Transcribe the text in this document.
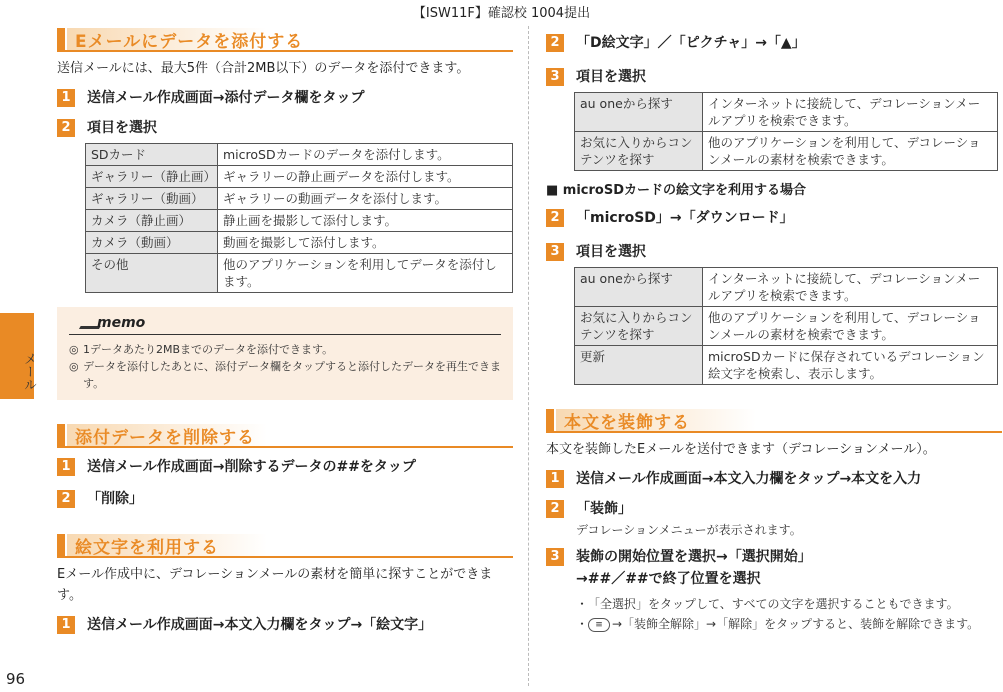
【ISW11F】確認校 1004提出
メール
96
Eメールにデータを添付する
送信メールには、最大5件（合計2MB以下）のデータを添付できます。
1	送信メール作成画面→添付データ欄をタップ
2	項目を選択
SDカード	microSDカードのデータを添付します。
ギャラリー（静止画）	ギャラリーの静止画データを添付します。
ギャラリー（動画）	ギャラリーの動画データを添付します。
カメラ（静止画）	静止画を撮影して添付します。
カメラ（動画）	動画を撮影して添付します。
その他	他のアプリケーションを利用してデータを添付します。
memo
◎ 1データあたり2MBまでのデータを添付できます。
◎ データを添付したあとに、添付データ欄をタップすると添付したデータを再生できます。
添付データを削除する
1	送信メール作成画面→削除するデータの##をタップ
2	「削除」
絵文字を利用する
Eメール作成中に、デコレーションメールの素材を簡単に探すことができます。
1	送信メール作成画面→本文入力欄をタップ→「絵文字」
2	「D絵文字」／「ピクチャ」→「▲」
3	項目を選択
au oneから探す	インターネットに接続して、デコレーションメールアプリを検索できます。
お気に入りからコンテンツを探す	他のアプリケーションを利用して、デコレーションメールの素材を検索できます。
■ microSDカードの絵文字を利用する場合
2	「microSD」→「ダウンロード」
3	項目を選択
au oneから探す	インターネットに接続して、デコレーションメールアプリを検索できます。
お気に入りからコンテンツを探す	他のアプリケーションを利用して、デコレーションメールの素材を検索できます。
更新	microSDカードに保存されているデコレーション絵文字を検索し、表示します。
本文を装飾する
本文を装飾したEメールを送付できます（デコレーションメール）。
1	送信メール作成画面→本文入力欄をタップ→本文を入力
2	「装飾」
デコレーションメニューが表示されます。
3	装飾の開始位置を選択→「選択開始」
→##／##で終了位置を選択
・ 「全選択」をタップして、すべての文字を選択することもできます。
・ ≡ →「装飾全解除」→「解除」をタップすると、装飾を解除できます。
